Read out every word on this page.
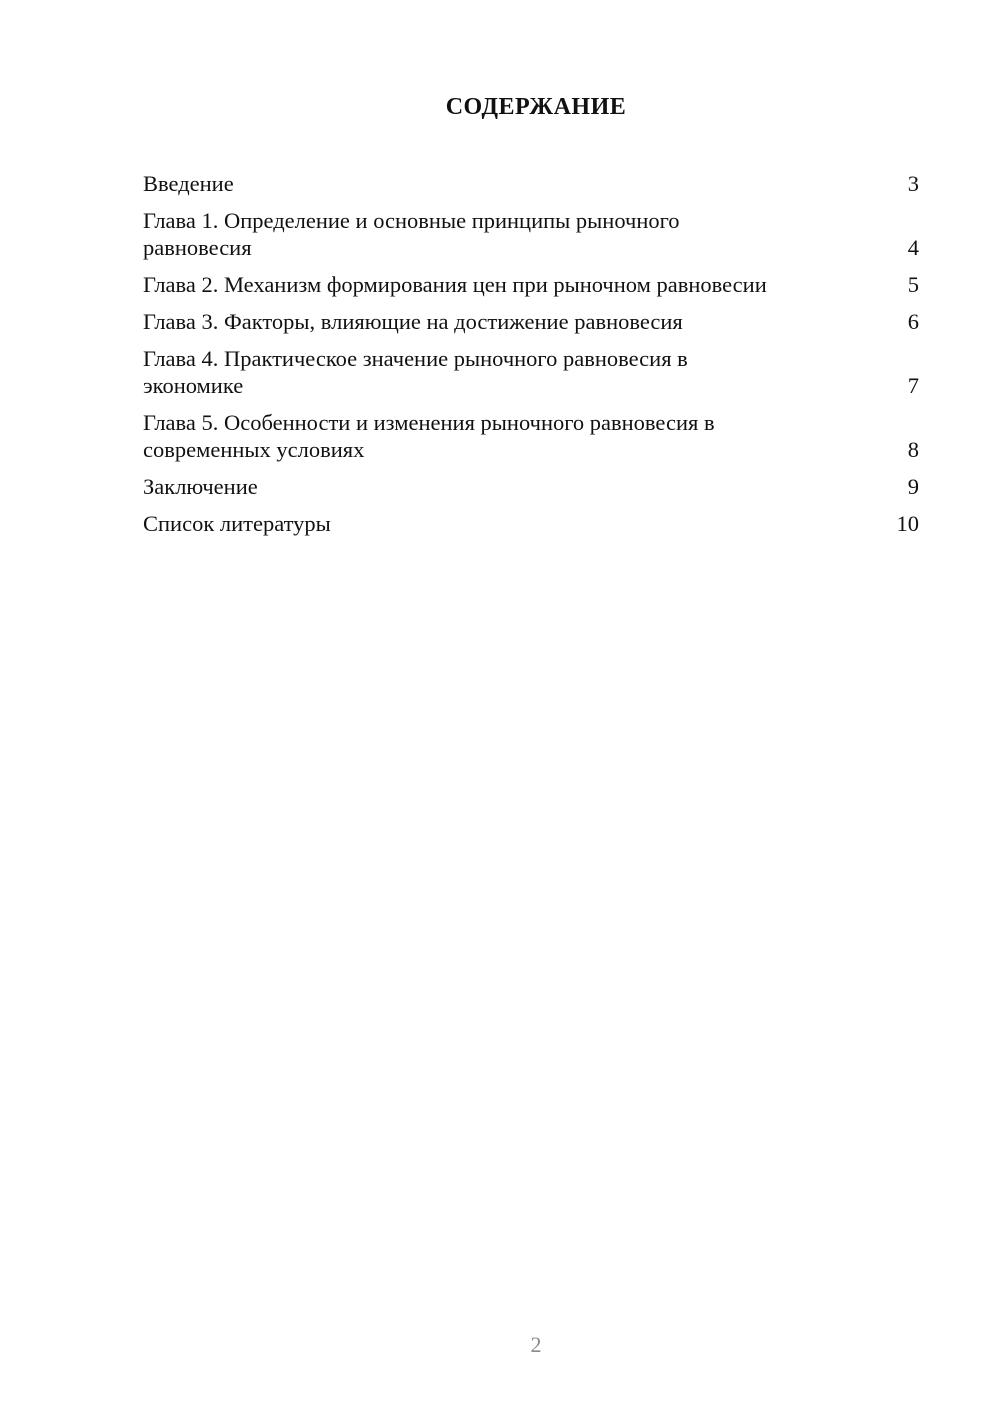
СОДЕРЖАНИЕ
Введение	3
Глава 1. Определение и основные принципы рыночного равновесия	4
Глава 2. Механизм формирования цен при рыночном равновесии	5
Глава 3. Факторы, влияющие на достижение равновесия	6
Глава 4. Практическое значение рыночного равновесия в экономике	7
Глава 5. Особенности и изменения рыночного равновесия в современных условиях	8
Заключение	9
Список литературы	10
2
